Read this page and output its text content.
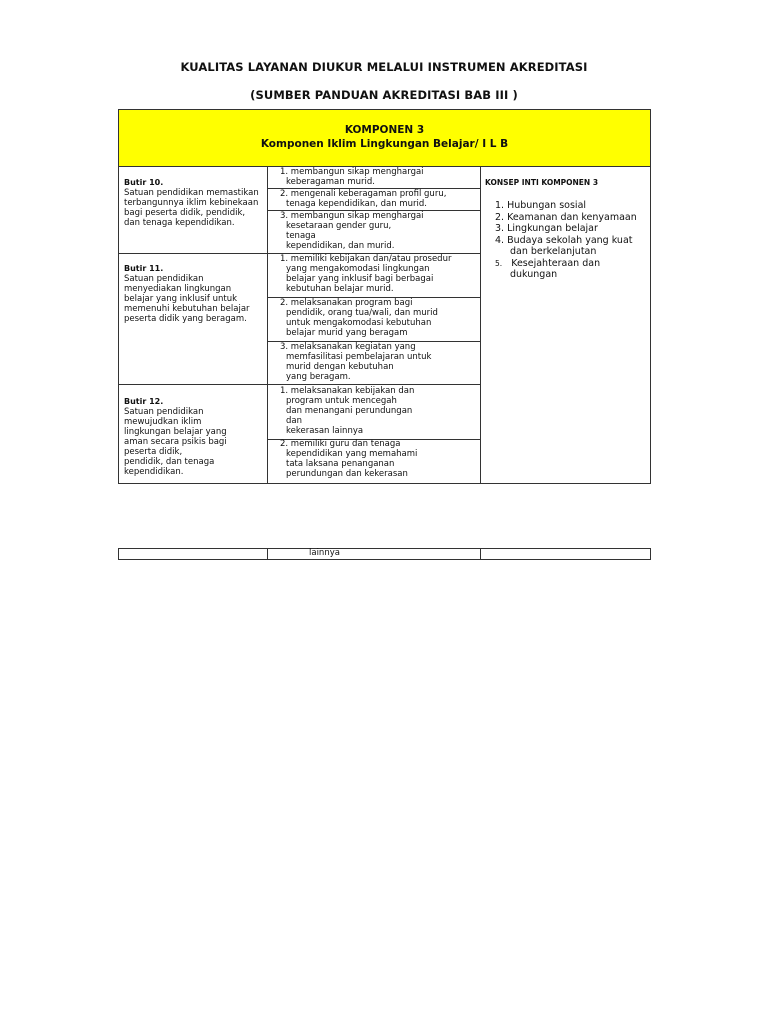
KUALITAS LAYANAN DIUKUR MELALUI INSTRUMEN AKREDITASI
(SUMBER PANDUAN AKREDITASI BAB III )
KOMPONEN 3
Komponen Iklim Lingkungan Belajar/ I L B
Butir 10.
Satuan pendidikan memastikan
terbangunnya iklim kebinekaan
bagi peserta didik, pendidik,
dan tenaga kependidikan.
Butir 11.
Satuan pendidikan
menyediakan lingkungan
belajar yang inklusif untuk
memenuhi kebutuhan belajar
peserta didik yang beragam.
Butir 12.
Satuan pendidikan
mewujudkan iklim
lingkungan belajar yang
aman secara psikis bagi
peserta didik,
pendidik, dan tenaga
kependidikan.
1. membangun sikap menghargai
keberagaman murid.
2. mengenali keberagaman profil guru,
tenaga kependidikan, dan murid.
3. membangun sikap menghargai
kesetaraan gender guru,
tenaga
kependidikan, dan murid.
1. memiliki kebijakan dan/atau prosedur
yang mengakomodasi lingkungan
belajar yang inklusif bagi berbagai
kebutuhan belajar murid.
2. melaksanakan program bagi
pendidik, orang tua/wali, dan murid
untuk mengakomodasi kebutuhan
belajar murid yang beragam
3. melaksanakan kegiatan yang
memfasilitasi pembelajaran untuk
murid dengan kebutuhan
yang beragam.
1. melaksanakan kebijakan dan
program untuk mencegah
dan menangani perundungan
dan
kekerasan lainnya
2. memiliki guru dan tenaga
kependidikan yang memahami
tata laksana penanganan
perundungan dan kekerasan
KONSEP INTI KOMPONEN 3
1. Hubungan sosial
2. Keamanan dan kenyamaan
3. Lingkungan belajar
4. Budaya sekolah yang kuat
dan berkelanjutan
5. Kesejahteraan dan
dukungan
lainnya
